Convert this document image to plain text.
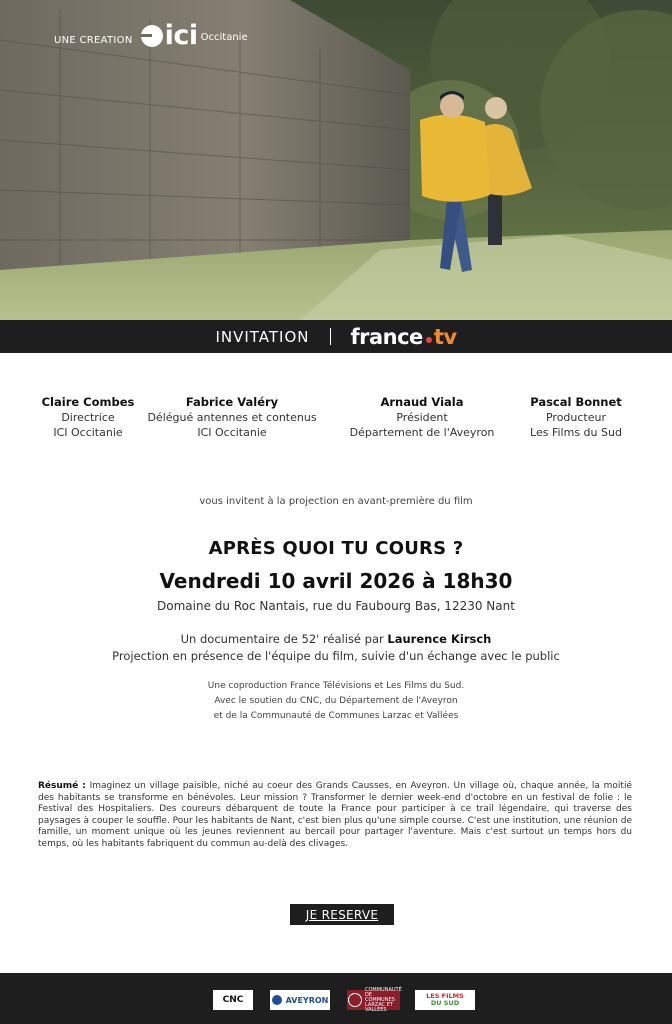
UNE CREATION ici Occitanie
INVITATION france tv
Claire Combes
Directrice
ICI Occitanie
Fabrice Valéry
Délégué antennes et contenus
ICI Occitanie
Arnaud Viala
Président
Département de l'Aveyron
Pascal Bonnet
Producteur
Les Films du Sud
vous invitent à la projection en avant-première du film
APRÈS QUOI TU COURS ?
Vendredi 10 avril 2026 à 18h30
Domaine du Roc Nantais, rue du Faubourg Bas, 12230 Nant
Un documentaire de 52' réalisé par Laurence Kirsch
Projection en présence de l'équipe du film, suivie d'un échange avec le public
Une coproduction France Télévisions et Les Films du Sud.
Avec le soutien du CNC, du Département de l'Aveyron
et de la Communauté de Communes Larzac et Vallées
Résumé : Imaginez un village paisible, niché au coeur des Grands Causses, en Aveyron. Un village où, chaque année, la moitié des habitants se transforme en bénévoles. Leur mission ? Transformer le dernier week-end d'octobre en un festival de folie : le Festival des Hospitaliers. Des coureurs débarquent de toute la France pour participer à ce trail légendaire, qui traverse des paysages à couper le souffle. Pour les habitants de Nant, c'est bien plus qu'une simple course. C'est une institution, une réunion de famille, un moment unique où les jeunes reviennent au bercail pour partager l'aventure. Mais c'est surtout un temps hors du temps, où les habitants fabriquent du commun au-delà des clivages.
JE RESERVE
CNC	AVEYRON
COMMUNAUTÉ DE COMMUNES LARZAC ET VALLÉES
LES FILMS
DU SUD
